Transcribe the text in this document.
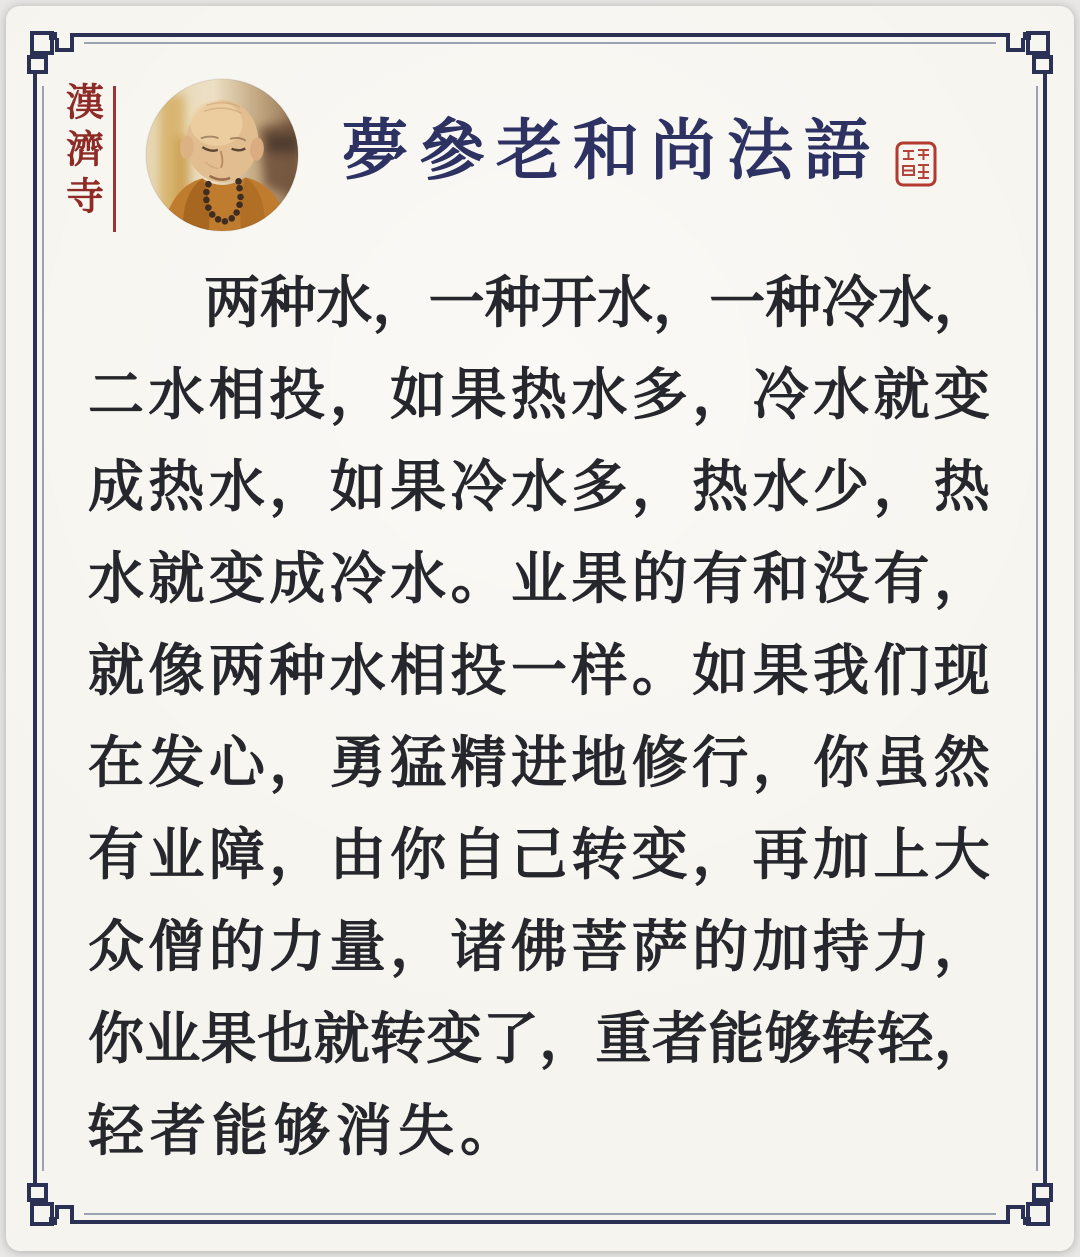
漢濟寺	夢 參 老 和 尚 法 語
两 种 水 ， 一 种 开 水 ， 一 种 冷 水 ，
二 水 相 投 ， 如 果 热 水 多 ， 冷 水 就 变
成 热 水 ， 如 果 冷 水 多 ， 热 水 少 ， 热
水 就 变 成 冷 水 。 业 果 的 有 和 没 有 ，
就 像 两 种 水 相 投 一 样 。 如 果 我 们 现
在 发 心 ， 勇 猛 精 进 地 修 行 ， 你 虽 然
有 业 障 ， 由 你 自 己 转 变 ， 再 加 上 大
众 僧 的 力 量 ， 诸 佛 菩 萨 的 加 持 力 ，
你 业 果 也 就 转 变 了 ， 重 者 能 够 转 轻 ，
轻者能够消失。
